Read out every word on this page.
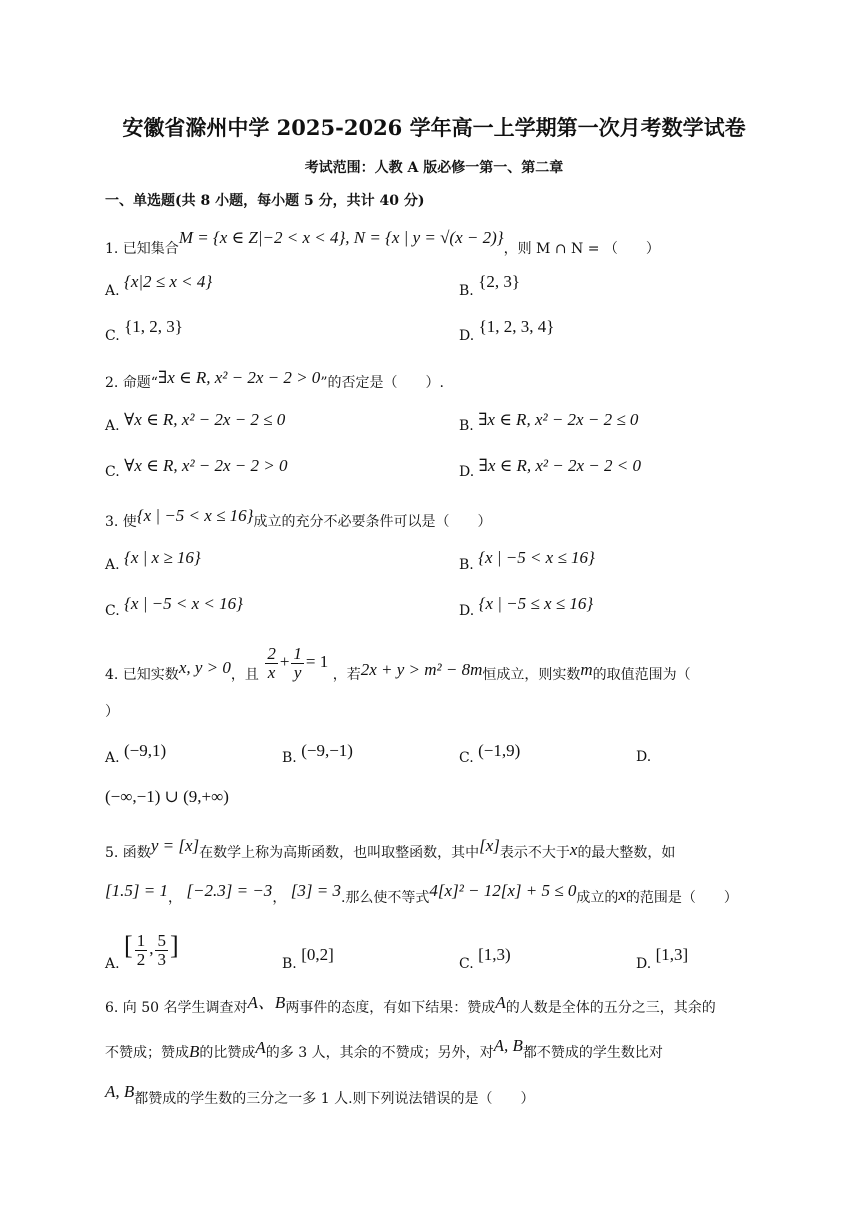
安徽省滁州中学 2025-2026 学年高一上学期第一次月考数学试卷
考试范围：人教 A 版必修一第一、第二章
一、单选题(共 8 小题，每小题 5 分，共计 40 分)
1. 已知集合M = {x ∈ Z|−2 < x < 4}, N = {x | y = √(x − 2)}，则 M ∩ N = （　　）
A. {x|2 ≤ x < 4}	B. {2, 3}
C. {1, 2, 3}	D. {1, 2, 3, 4}
2. 命题“∃x ∈ R, x² − 2x − 2 > 0”的否定是（　　）.
A. ∀x ∈ R, x² − 2x − 2 ≤ 0	B. ∃x ∈ R, x² − 2x − 2 ≤ 0
C. ∀x ∈ R, x² − 2x − 2 > 0	D. ∃x ∈ R, x² − 2x − 2 < 0
3. 使{x | −5 < x ≤ 16}成立的充分不必要条件可以是（　　）
A. {x | x ≥ 16}	B. {x | −5 < x ≤ 16}
C. {x | −5 < x < 16}	D. {x | −5 ≤ x ≤ 16}
4. 已知实数x, y > 0，且 $\frac{2}{x} + \frac{1}{y} = 1$ ，若2x + y > m² − 8m恒成立，则实数m的取值范围为（
）
A. (−9,1)	B. (−9,−1)	C. (−1,9)	D.
(−∞,−1) ∪ (9,+∞)
5. 函数y = [x]在数学上称为高斯函数，也叫取整函数，其中[x]表示不大于x的最大整数，如
[1.5] = 1， [−2.3] = −3， [3] = 3.那么使不等式4[x]² − 12[x] + 5 ≤ 0成立的x的范围是（　　）
A. [ $\frac{1}{2}$ , $\frac{5}{3}$ ]
B. [0,2]	C. [1,3)	D. [1,3]
6. 向 50 名学生调查对A、B两事件的态度，有如下结果：赞成A的人数是全体的五分之三，其余的
不赞成；赞成B的比赞成A的多 3 人，其余的不赞成；另外，对A, B都不赞成的学生数比对
A, B都赞成的学生数的三分之一多 1 人.则下列说法错误的是（　　）
